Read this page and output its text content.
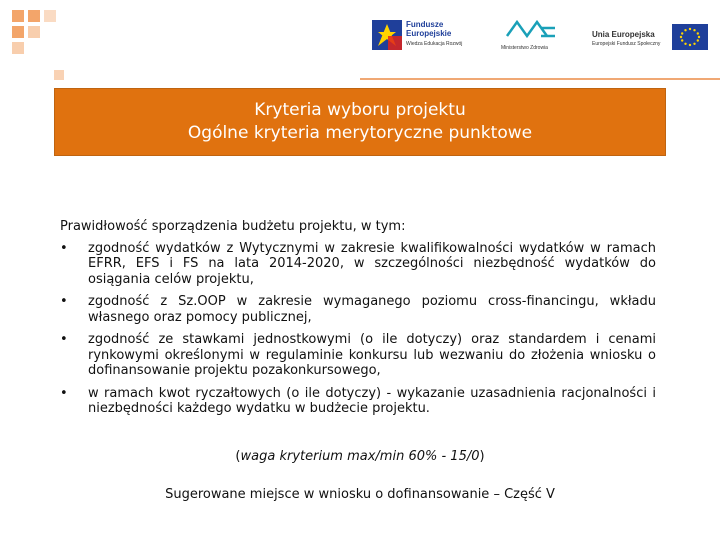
Fundusze
Europejskie
Wiedza Edukacja Rozwój
Ministerstwo Zdrowia
Unia Europejska
Europejski Fundusz Społeczny
Kryteria wyboru projektu
Ogólne kryteria merytoryczne punktowe
Prawidłowość sporządzenia budżetu projektu, w tym:
• zgodność wydatków z Wytycznymi w zakresie kwalifikowalności wydatków w ramach EFRR, EFS i FS na lata 2014-2020, w szczególności niezbędność wydatków do osiągania celów projektu,
• zgodność z Sz.OOP w zakresie wymaganego poziomu cross-financingu, wkładu własnego oraz pomocy publicznej,
• zgodność ze stawkami jednostkowymi (o ile dotyczy) oraz standardem i cenami rynkowymi określonymi w regulaminie konkursu lub wezwaniu do złożenia wniosku o dofinansowanie projektu pozakonkursowego,
• w ramach kwot ryczałtowych (o ile dotyczy) - wykazanie uzasadnienia racjonalności i niezbędności każdego wydatku w budżecie projektu.
(waga kryterium max/min 60% - 15/0)
Sugerowane miejsce w wniosku o dofinansowanie – Część V
